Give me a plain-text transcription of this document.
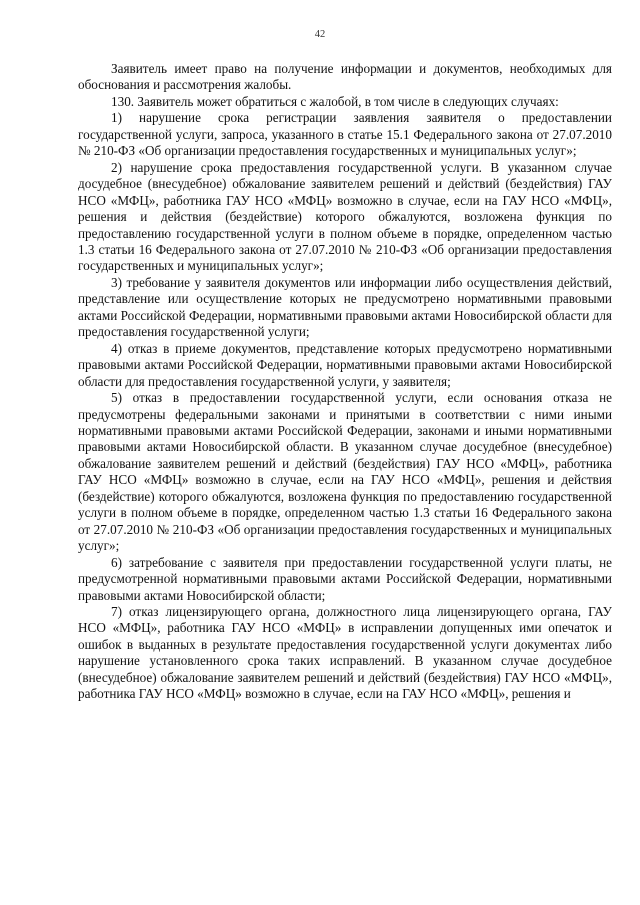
42

Заявитель имеет право на получение информации и документов, необходимых для обоснования и рассмотрения жалобы.

130. Заявитель может обратиться с жалобой, в том числе в следующих случаях:

1) нарушение срока регистрации заявления заявителя о предоставлении государственной услуги, запроса, указанного в статье 15.1 Федерального закона от 27.07.2010 № 210-ФЗ «Об организации предоставления государственных и муниципальных услуг»;

2) нарушение срока предоставления государственной услуги. В указанном случае досудебное (внесудебное) обжалование заявителем решений и действий (бездействия) ГАУ НСО «МФЦ», работника ГАУ НСО «МФЦ» возможно в случае, если на ГАУ НСО «МФЦ», решения и действия (бездействие) которого обжалуются, возложена функция по предоставлению государственной услуги в полном объеме в порядке, определенном частью 1.3 статьи 16 Федерального закона от 27.07.2010 № 210-ФЗ «Об организации предоставления государственных и муниципальных услуг»;

3) требование у заявителя документов или информации либо осуществления действий, представление или осуществление которых не предусмотрено нормативными правовыми актами Российской Федерации, нормативными правовыми актами Новосибирской области для предоставления государственной услуги;

4) отказ в приеме документов, представление которых предусмотрено нормативными правовыми актами Российской Федерации, нормативными правовыми актами Новосибирской области для предоставления государственной услуги, у заявителя;

5) отказ в предоставлении государственной услуги, если основания отказа не предусмотрены федеральными законами и принятыми в соответствии с ними иными нормативными правовыми актами Российской Федерации, законами и иными нормативными правовыми актами Новосибирской области. В указанном случае досудебное (внесудебное) обжалование заявителем решений и действий (бездействия) ГАУ НСО «МФЦ», работника ГАУ НСО «МФЦ» возможно в случае, если на ГАУ НСО «МФЦ», решения и действия (бездействие) которого обжалуются, возложена функция по предоставлению государственной услуги в полном объеме в порядке, определенном частью 1.3 статьи 16 Федерального закона от 27.07.2010 № 210-ФЗ «Об организации предоставления государственных и муниципальных услуг»;

6) затребование с заявителя при предоставлении государственной услуги платы, не предусмотренной нормативными правовыми актами Российской Федерации, нормативными правовыми актами Новосибирской области;

7) отказ лицензирующего органа, должностного лица лицензирующего органа, ГАУ НСО «МФЦ», работника ГАУ НСО «МФЦ» в исправлении допущенных ими опечаток и ошибок в выданных в результате предоставления государственной услуги документах либо нарушение установленного срока таких исправлений. В указанном случае досудебное (внесудебное) обжалование заявителем решений и действий (бездействия) ГАУ НСО «МФЦ», работника ГАУ НСО «МФЦ» возможно в случае, если на ГАУ НСО «МФЦ», решения и
